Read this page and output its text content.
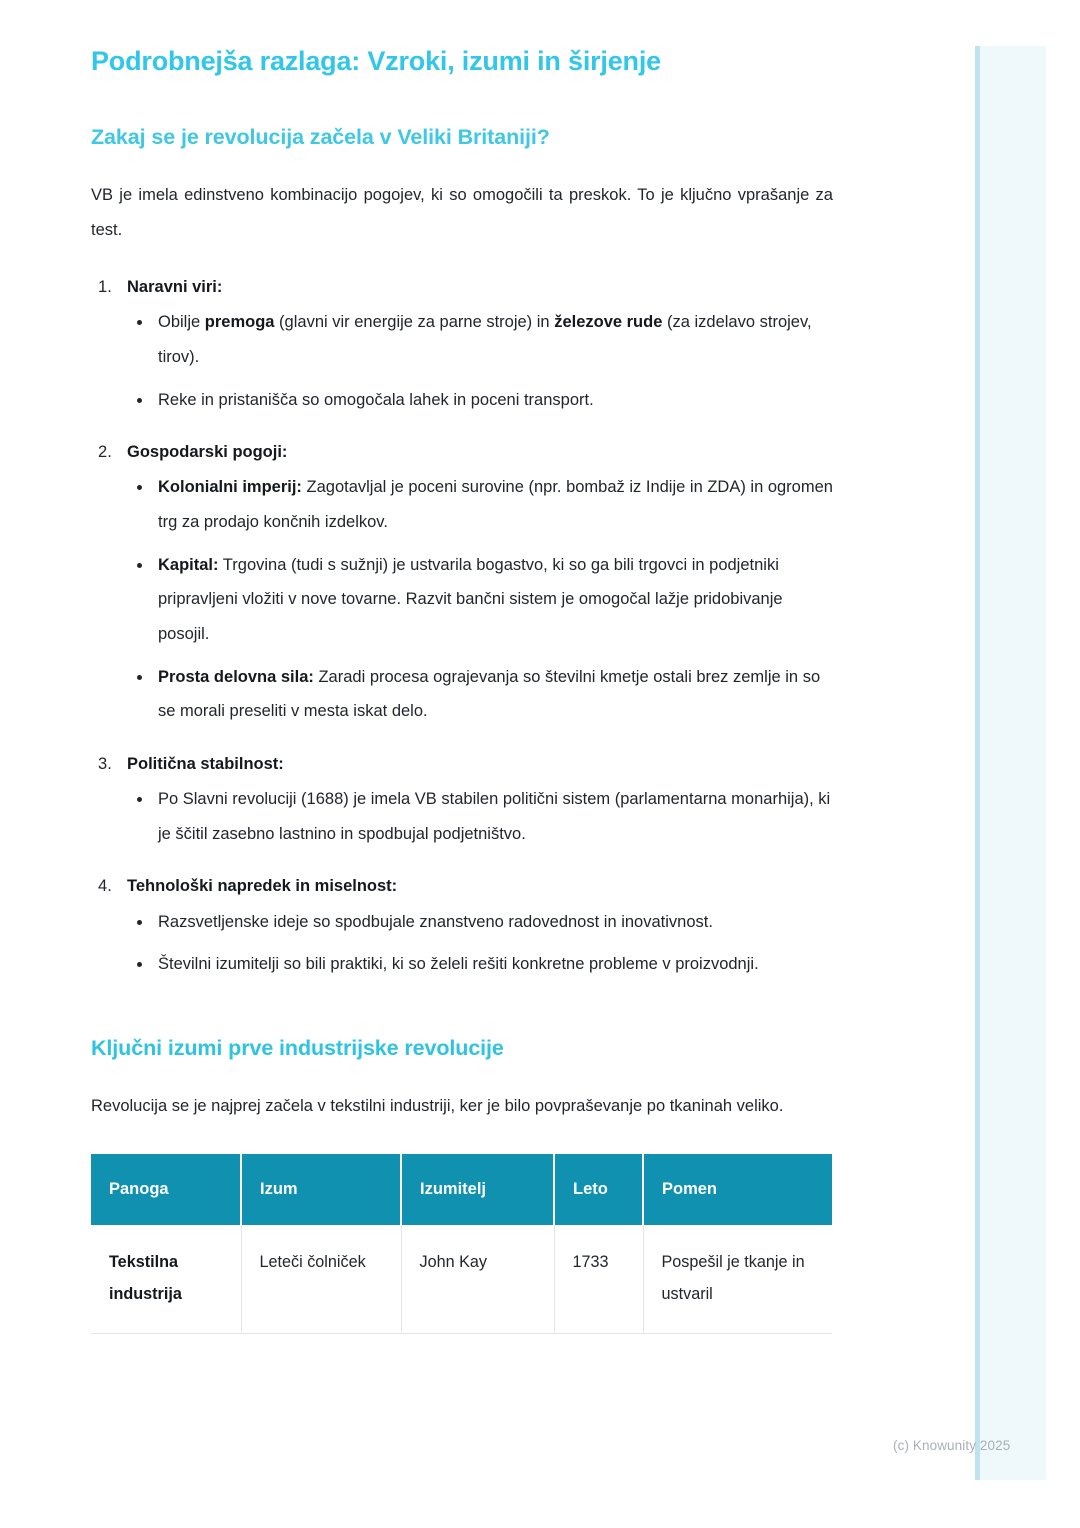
Podrobnejša razlaga: Vzroki, izumi in širjenje
Zakaj se je revolucija začela v Veliki Britaniji?

VB je imela edinstveno kombinacijo pogojev, ki so omogočili ta preskok. To je ključno vprašanje za test.

Naravni viri:
Obilje premoga (glavni vir energije za parne stroje) in železove rude (za izdelavo strojev, tirov).
Reke in pristanišča so omogočala lahek in poceni transport.
Gospodarski pogoji:
Kolonialni imperij: Zagotavljal je poceni surovine (npr. bombaž iz Indije in ZDA) in ogromen trg za prodajo končnih izdelkov.
Kapital: Trgovina (tudi s sužnji) je ustvarila bogastvo, ki so ga bili trgovci in podjetniki pripravljeni vložiti v nove tovarne. Razvit bančni sistem je omogočal lažje pridobivanje posojil.
Prosta delovna sila: Zaradi procesa ograjevanja so številni kmetje ostali brez zemlje in so se morali preseliti v mesta iskat delo.
Politična stabilnost:
Po Slavni revoluciji (1688) je imela VB stabilen politični sistem (parlamentarna monarhija), ki je ščitil zasebno lastnino in spodbujal podjetništvo.
Tehnološki napredek in miselnost:
Razsvetljenske ideje so spodbujale znanstveno radovednost in inovativnost.
Številni izumitelji so bili praktiki, ki so želeli rešiti konkretne probleme v proizvodnji.
Ključni izumi prve industrijske revolucije

Revolucija se je najprej začela v tekstilni industriji, ker je bilo povpraševanje po tkaninah veliko.

Panoga	Izum	Izumitelj	Leto	Pomen
Tekstilna industrija	Leteči čolniček	John Kay	1733	Pospešil je tkanje in ustvaril
(c) Knowunity 2025
